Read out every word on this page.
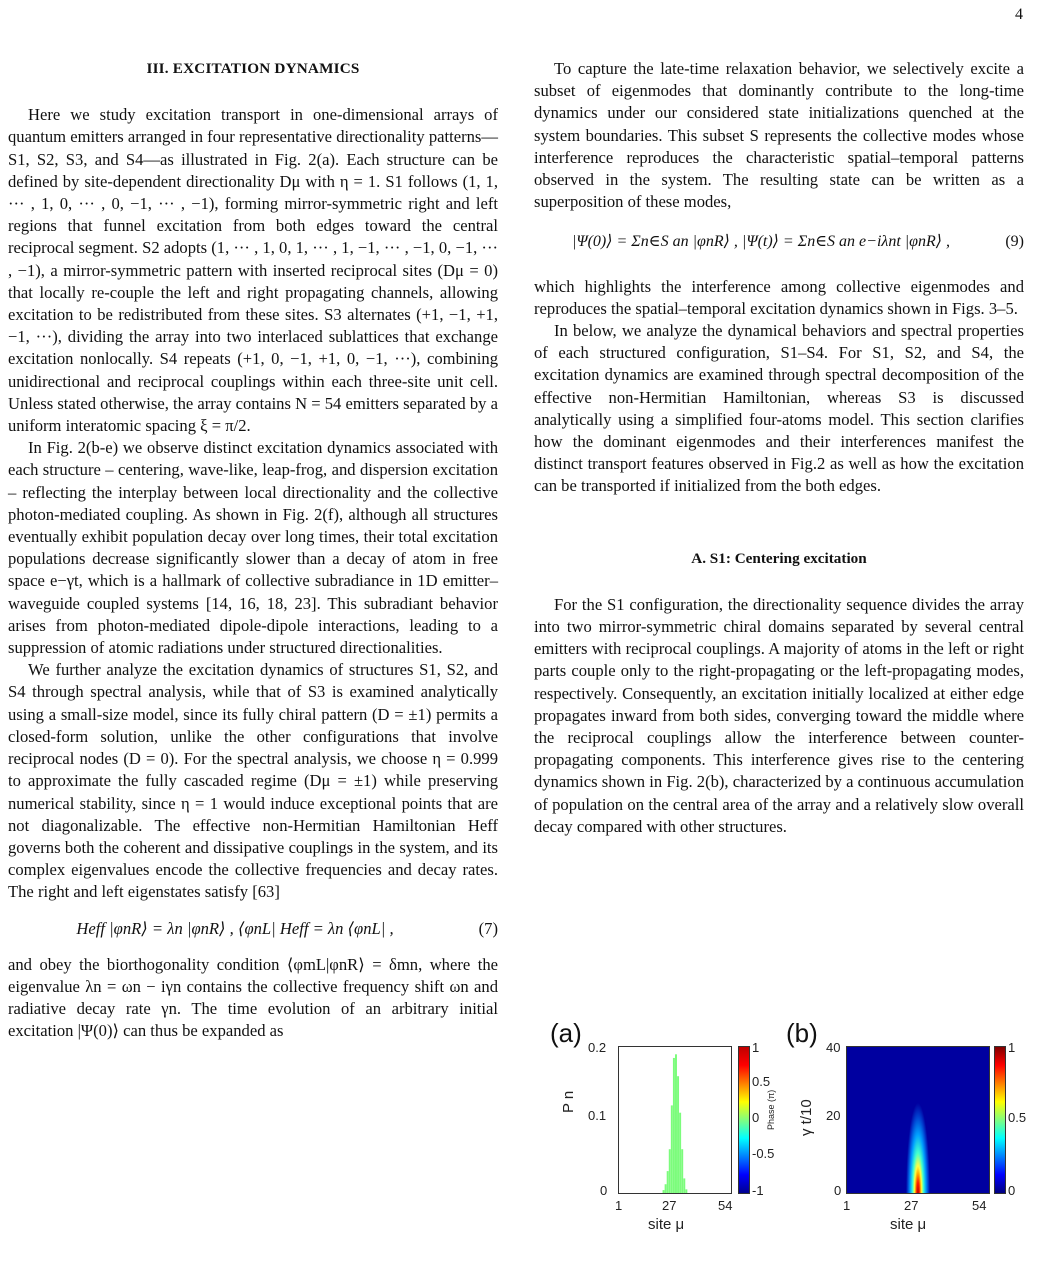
4
III. EXCITATION DYNAMICS

Here we study excitation transport in one-dimensional arrays of quantum emitters arranged in four representative directionality patterns—S1, S2, S3, and S4—as illustrated in Fig. 2(a). Each structure can be defined by site-dependent directionality Dμ with η = 1. S1 follows (1, 1, ··· , 1, 0, ··· , 0, −1, ··· , −1), forming mirror-symmetric right and left regions that funnel excitation from both edges toward the central reciprocal segment. S2 adopts (1, ··· , 1, 0, 1, ··· , 1, −1, ··· , −1, 0, −1, ··· , −1), a mirror-symmetric pattern with inserted reciprocal sites (Dμ = 0) that locally re-couple the left and right propagating channels, allowing excitation to be redistributed from these sites. S3 alternates (+1, −1, +1, −1, ···), dividing the array into two interlaced sublattices that exchange excitation nonlocally. S4 repeats (+1, 0, −1, +1, 0, −1, ···), combining unidirectional and reciprocal couplings within each three-site unit cell. Unless stated otherwise, the array contains N = 54 emitters separated by a uniform interatomic spacing ξ = π/2.

In Fig. 2(b-e) we observe distinct excitation dynamics associated with each structure – centering, wave-like, leap-frog, and dispersion excitation – reflecting the interplay between local directionality and the collective photon-mediated coupling. As shown in Fig. 2(f), although all structures eventually exhibit population decay over long times, their total excitation populations decrease significantly slower than a decay of atom in free space e−γt, which is a hallmark of collective subradiance in 1D emitter–waveguide coupled systems [14, 16, 18, 23]. This subradiant behavior arises from photon-mediated dipole-dipole interactions, leading to a suppression of atomic radiations under structured directionalities.

We further analyze the excitation dynamics of structures S1, S2, and S4 through spectral analysis, while that of S3 is examined analytically using a small-size model, since its fully chiral pattern (D = ±1) permits a closed-form solution, unlike the other configurations that involve reciprocal nodes (D = 0). For the spectral analysis, we choose η = 0.999 to approximate the fully cascaded regime (Dμ = ±1) while preserving numerical stability, since η = 1 would induce exceptional points that are not diagonalizable. The effective non-Hermitian Hamiltonian Heff governs both the coherent and dissipative couplings in the system, and its complex eigenvalues encode the collective frequencies and decay rates. The right and left eigenstates satisfy [63]

Heff |φnR⟩ = λn |φnR⟩ , ⟨φnL| Heff = λn ⟨φnL| ,	(7)

and obey the biorthogonality condition ⟨φmL|φnR⟩ = δmn, where the eigenvalue λn = ωn − iγn contains the collective frequency shift ωn and radiative decay rate γn. The time evolution of an arbitrary initial excitation |Ψ(0)⟩ can thus be expanded as

To capture the late-time relaxation behavior, we selectively excite a subset of eigenmodes that dominantly contribute to the long-time dynamics under our considered state initializations quenched at the system boundaries. This subset S represents the collective modes whose interference reproduces the characteristic spatial–temporal patterns observed in the system. The resulting state can be written as a superposition of these modes,

|Ψ(0)⟩ = Σn∈S an |φnR⟩ , |Ψ(t)⟩ = Σn∈S an e−iλnt |φnR⟩ ,	(9)

which highlights the interference among collective eigenmodes and reproduces the spatial–temporal excitation dynamics shown in Figs. 3–5.

In below, we analyze the dynamical behaviors and spectral properties of each structured configuration, S1–S4. For S1, S2, and S4, the excitation dynamics are examined through spectral decomposition of the effective non-Hermitian Hamiltonian, whereas S3 is discussed analytically using a simplified four-atoms model. This section clarifies how the dominant eigenmodes and their interferences manifest the distinct transport features observed in Fig.2 as well as how the excitation can be transported if initialized from the both edges.

A. S1: Centering excitation

For the S1 configuration, the directionality sequence divides the array into two mirror-symmetric chiral domains separated by several central emitters with reciprocal couplings. A majority of atoms in the left or right parts couple only to the right-propagating or the left-propagating modes, respectively. Consequently, an excitation initially localized at either edge propagates inward from both sides, converging toward the middle where the reciprocal couplings allow the interference between counter-propagating components. This interference gives rise to the centering dynamics shown in Fig. 2(b), characterized by a continuous accumulation of population on the central area of the array and a relatively slow overall decay compared with other structures.

(a)
P n
0.2
0.1
0
1	27	54
site μ
1
0.5
0
-0.5
-1
Phase (π)
(b)
γ t/10
40
20
0
1	27	54
site μ
1
0.5
0
